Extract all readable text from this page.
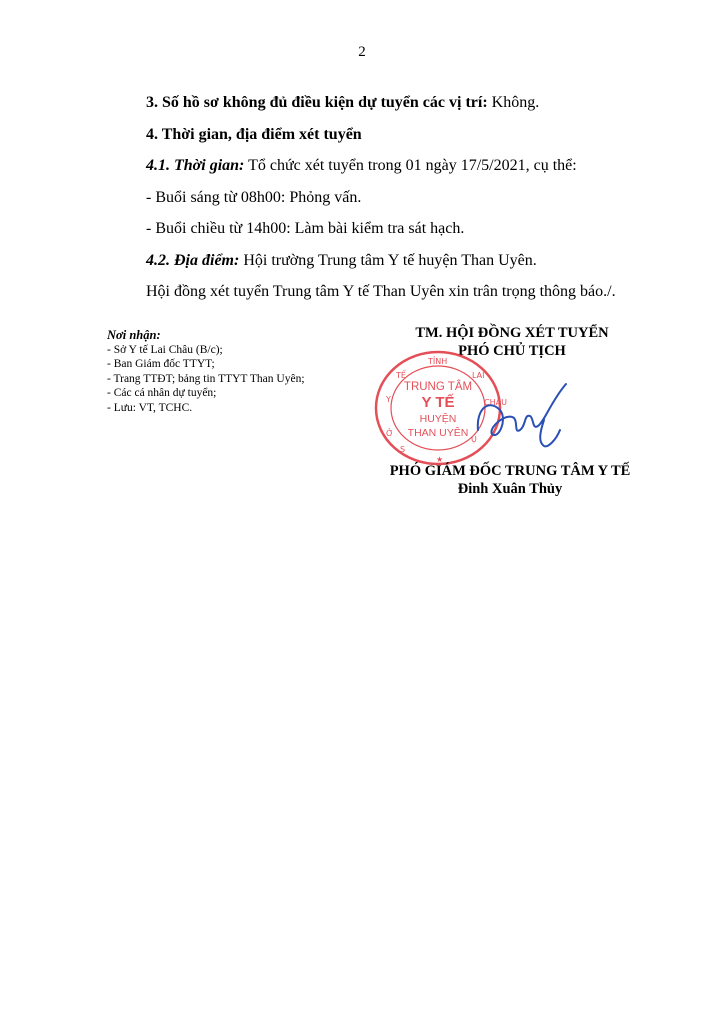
2

3. Số hồ sơ không đủ điều kiện dự tuyển các vị trí: Không.

4. Thời gian, địa điểm xét tuyển

4.1. Thời gian: Tổ chức xét tuyển trong 01 ngày 17/5/2021, cụ thể:

- Buổi sáng từ 08h00: Phỏng vấn.

- Buổi chiều từ 14h00: Làm bài kiểm tra sát hạch.

4.2. Địa điểm: Hội trường Trung tâm Y tế huyện Than Uyên.

Hội đồng xét tuyển Trung tâm Y tế Than Uyên xin trân trọng thông báo./.

Nơi nhận:
- Sở Y tế Lai Châu (B/c);
- Ban Giám đốc TTYT;
- Trang TTĐT; bảng tin TTYT Than Uyên;
- Các cá nhân dự tuyển;
- Lưu: VT, TCHC.
TM. HỘI ĐỒNG XÉT TUYỂN
PHÓ CHỦ TỊCH
Y
TẾ
TỈNH
LAI
CHÂU
Ụ
Ở
S
★
TRUNG TÂM
Y TẾ
HUYỆN
THAN UYÊN
PHÓ GIÁM ĐỐC TRUNG TÂM Y TẾ
Đinh Xuân Thủy
